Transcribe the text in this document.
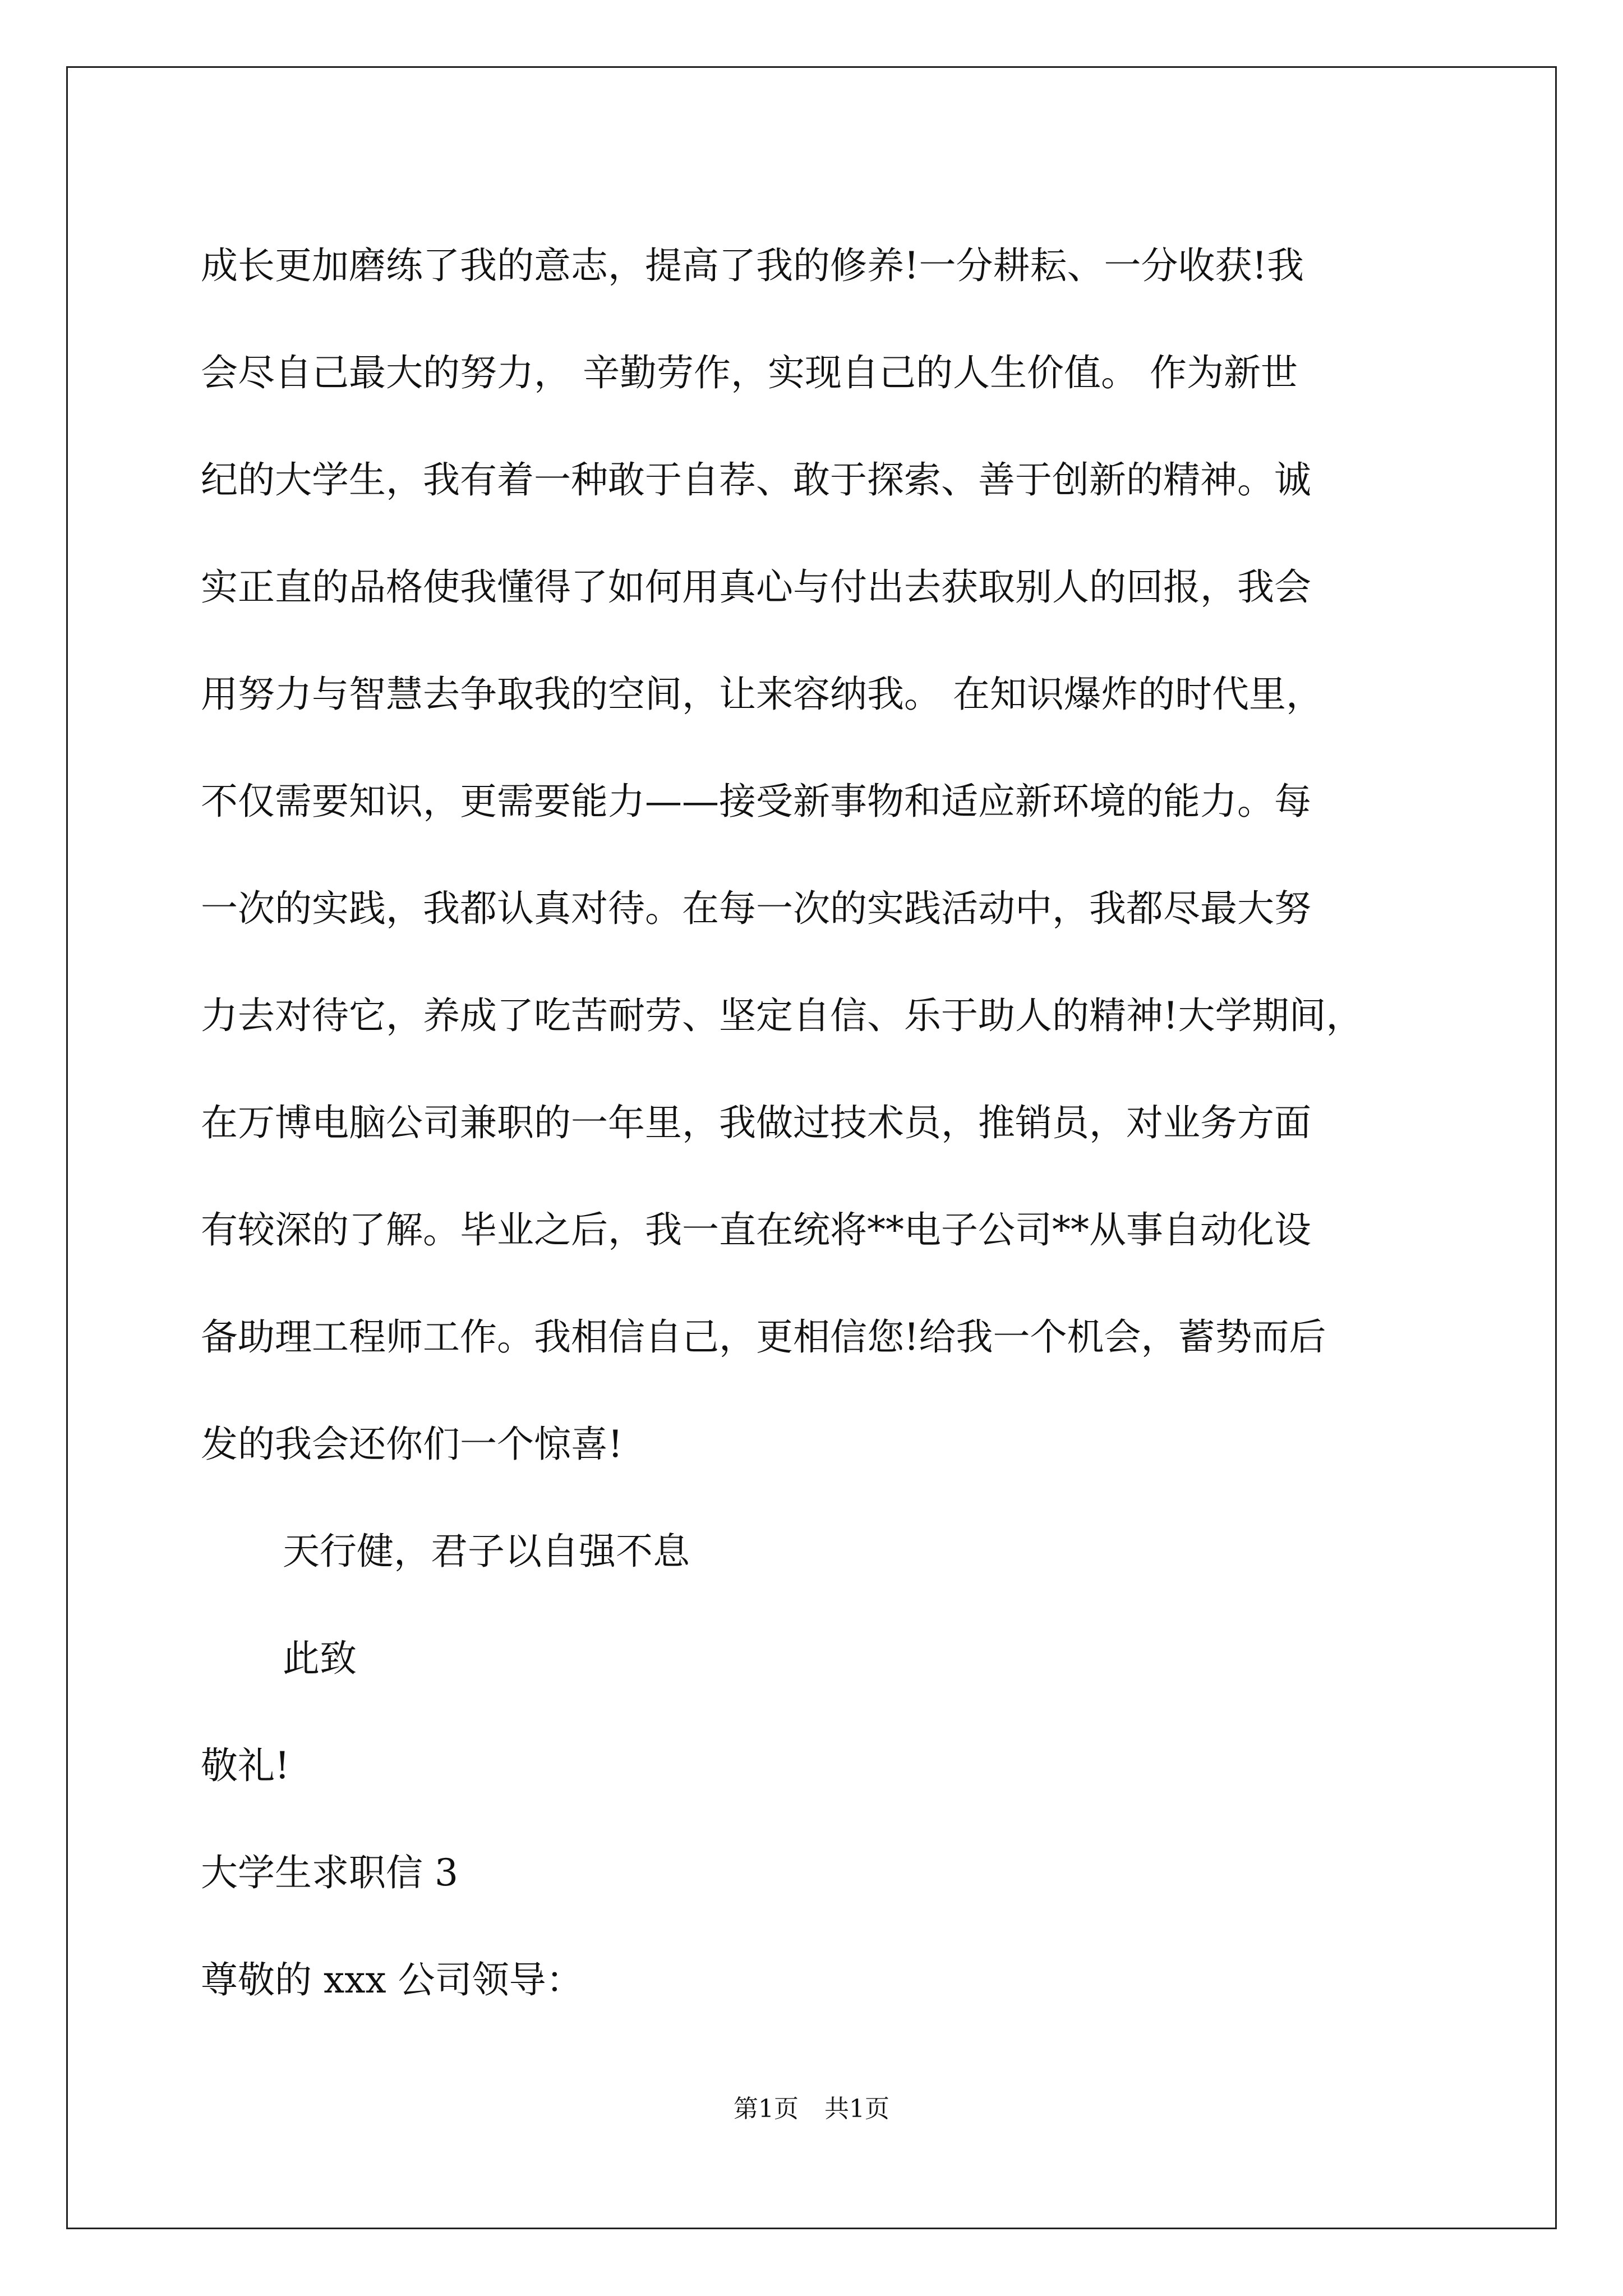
成长更加磨练了我的意志，提高了我的修养!一分耕耘、一分收获!我
会尽自己最大的努力， 辛勤劳作，实现自己的人生价值。 作为新世
纪的大学生，我有着一种敢于自荐、敢于探索、善于创新的精神。诚
实正直的品格使我懂得了如何用真心与付出去获取别人的回报，我会
用努力与智慧去争取我的空间，让来容纳我。 在知识爆炸的时代里，
不仅需要知识，更需要能力——接受新事物和适应新环境的能力。每
一次的实践，我都认真对待。在每一次的实践活动中，我都尽最大努
力去对待它，养成了吃苦耐劳、坚定自信、乐于助人的精神!大学期间，
在万博电脑公司兼职的一年里，我做过技术员，推销员，对业务方面
有较深的了解。毕业之后，我一直在统将**电子公司**从事自动化设
备助理工程师工作。我相信自己，更相信您!给我一个机会，蓄势而后
发的我会还你们一个惊喜!
天行健，君子以自强不息
此致
敬礼!
大学生求职信 3
尊敬的 xxx 公司领导：
第1页 共1页
